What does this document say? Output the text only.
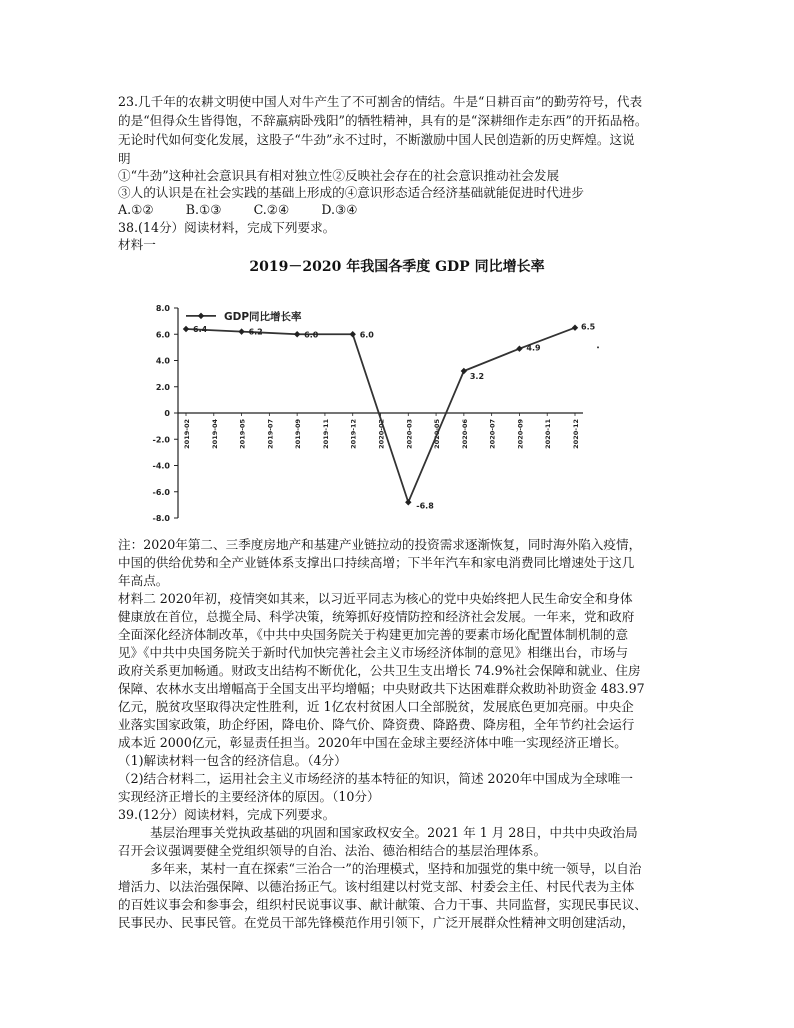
23.几千年的农耕文明使中国人对牛产生了不可割舍的情结。牛是“日耕百亩”的勤劳符号，代表
的是“但得众生皆得饱，不辞羸病卧残阳”的牺牲精神，具有的是“深耕细作走东西”的开拓品格。
无论时代如何变化发展，这股子“牛劲”永不过时，不断激励中国人民创造新的历史辉煌。这说
明
①“牛劲”这种社会意识具有相对独立性②反映社会存在的社会意识推动社会发展
③人的认识是在社会实践的基础上形成的④意识形态适合经济基础就能促进时代进步
A.①②        B.①③        C.②④        D.③④
38.(14分）阅读材料，完成下列要求。
材料一
2019－2020 年我国各季度 GDP 同比增长率
8.0
6.0
4.0
2.0
0
-2.0
-4.0
-6.0
-8.0
2019-02	2019-04	2019-05	2019-07	2019-09	2019-11	2019-12	2020-02	2020-03	2020-05	2020-06	2020-07	2020-09	2020-11	2020-12
6.4	6.2	6.0	6.0
-6.8
3.2
4.9
6.5
GDP同比增长率
注：2020年第二、三季度房地产和基建产业链拉动的投资需求逐渐恢复，同时海外陷入疫情，
中国的供给优势和全产业链体系支撑出口持续高增；下半年汽车和家电消费同比增速处于这几
年高点。
材料二 2020年初，疫情突如其来，以习近平同志为核心的党中央始终把人民生命安全和身体
健康放在首位，总揽全局、科学决策，统筹抓好疫情防控和经济社会发展。一年来，党和政府
全面深化经济体制改革，《中共中央国务院关于构建更加完善的要素市场化配置体制机制的意
见》《中共中央国务院关于新时代加快完善社会主义市场经济体制的意见》相继出台，市场与
政府关系更加畅通。财政支出结构不断优化，公共卫生支出增长 74.9%社会保障和就业、住房
保障、农林水支出增幅高于全国支出平均增幅；中央财政共下达困难群众救助补助资金 483.97
亿元，脱贫攻坚取得决定性胜利，近 1亿农村贫困人口全部脱贫，发展底色更加亮丽。中央企
业落实国家政策，助企纾困，降电价、降气价、降资费、降路费、降房租，全年节约社会运行
成本近 2000亿元，彰显责任担当。2020年中国在金球主要经济体中唯一实现经济正增长。
（1)解读材料一包含的经济信息。（4分）
（2)结合材料二，运用社会主义市场经济的基本特征的知识，简述 2020年中国成为全球唯一
实现经济正增长的主要经济体的原因。（10分）
39.(12分）阅读材料，完成下列要求。
基层治理事关党执政基础的巩固和国家政权安全。2021 年 1 月 28日，中共中央政治局
召开会议强调要健全党组织领导的自治、法治、德治相结合的基层治理体系。
多年来，某村一直在探索“三治合一”的治理模式，坚持和加强党的集中统一领导，以自治
增活力、以法治强保障、以德治扬正气。该村组建以村党支部、村委会主任、村民代表为主体
的百姓议事会和参事会，组织村民说事议事、献计献策、合力干事、共同监督，实现民事民议、
民事民办、民事民管。在党员干部先锋模范作用引领下，广泛开展群众性精神文明创建活动，
